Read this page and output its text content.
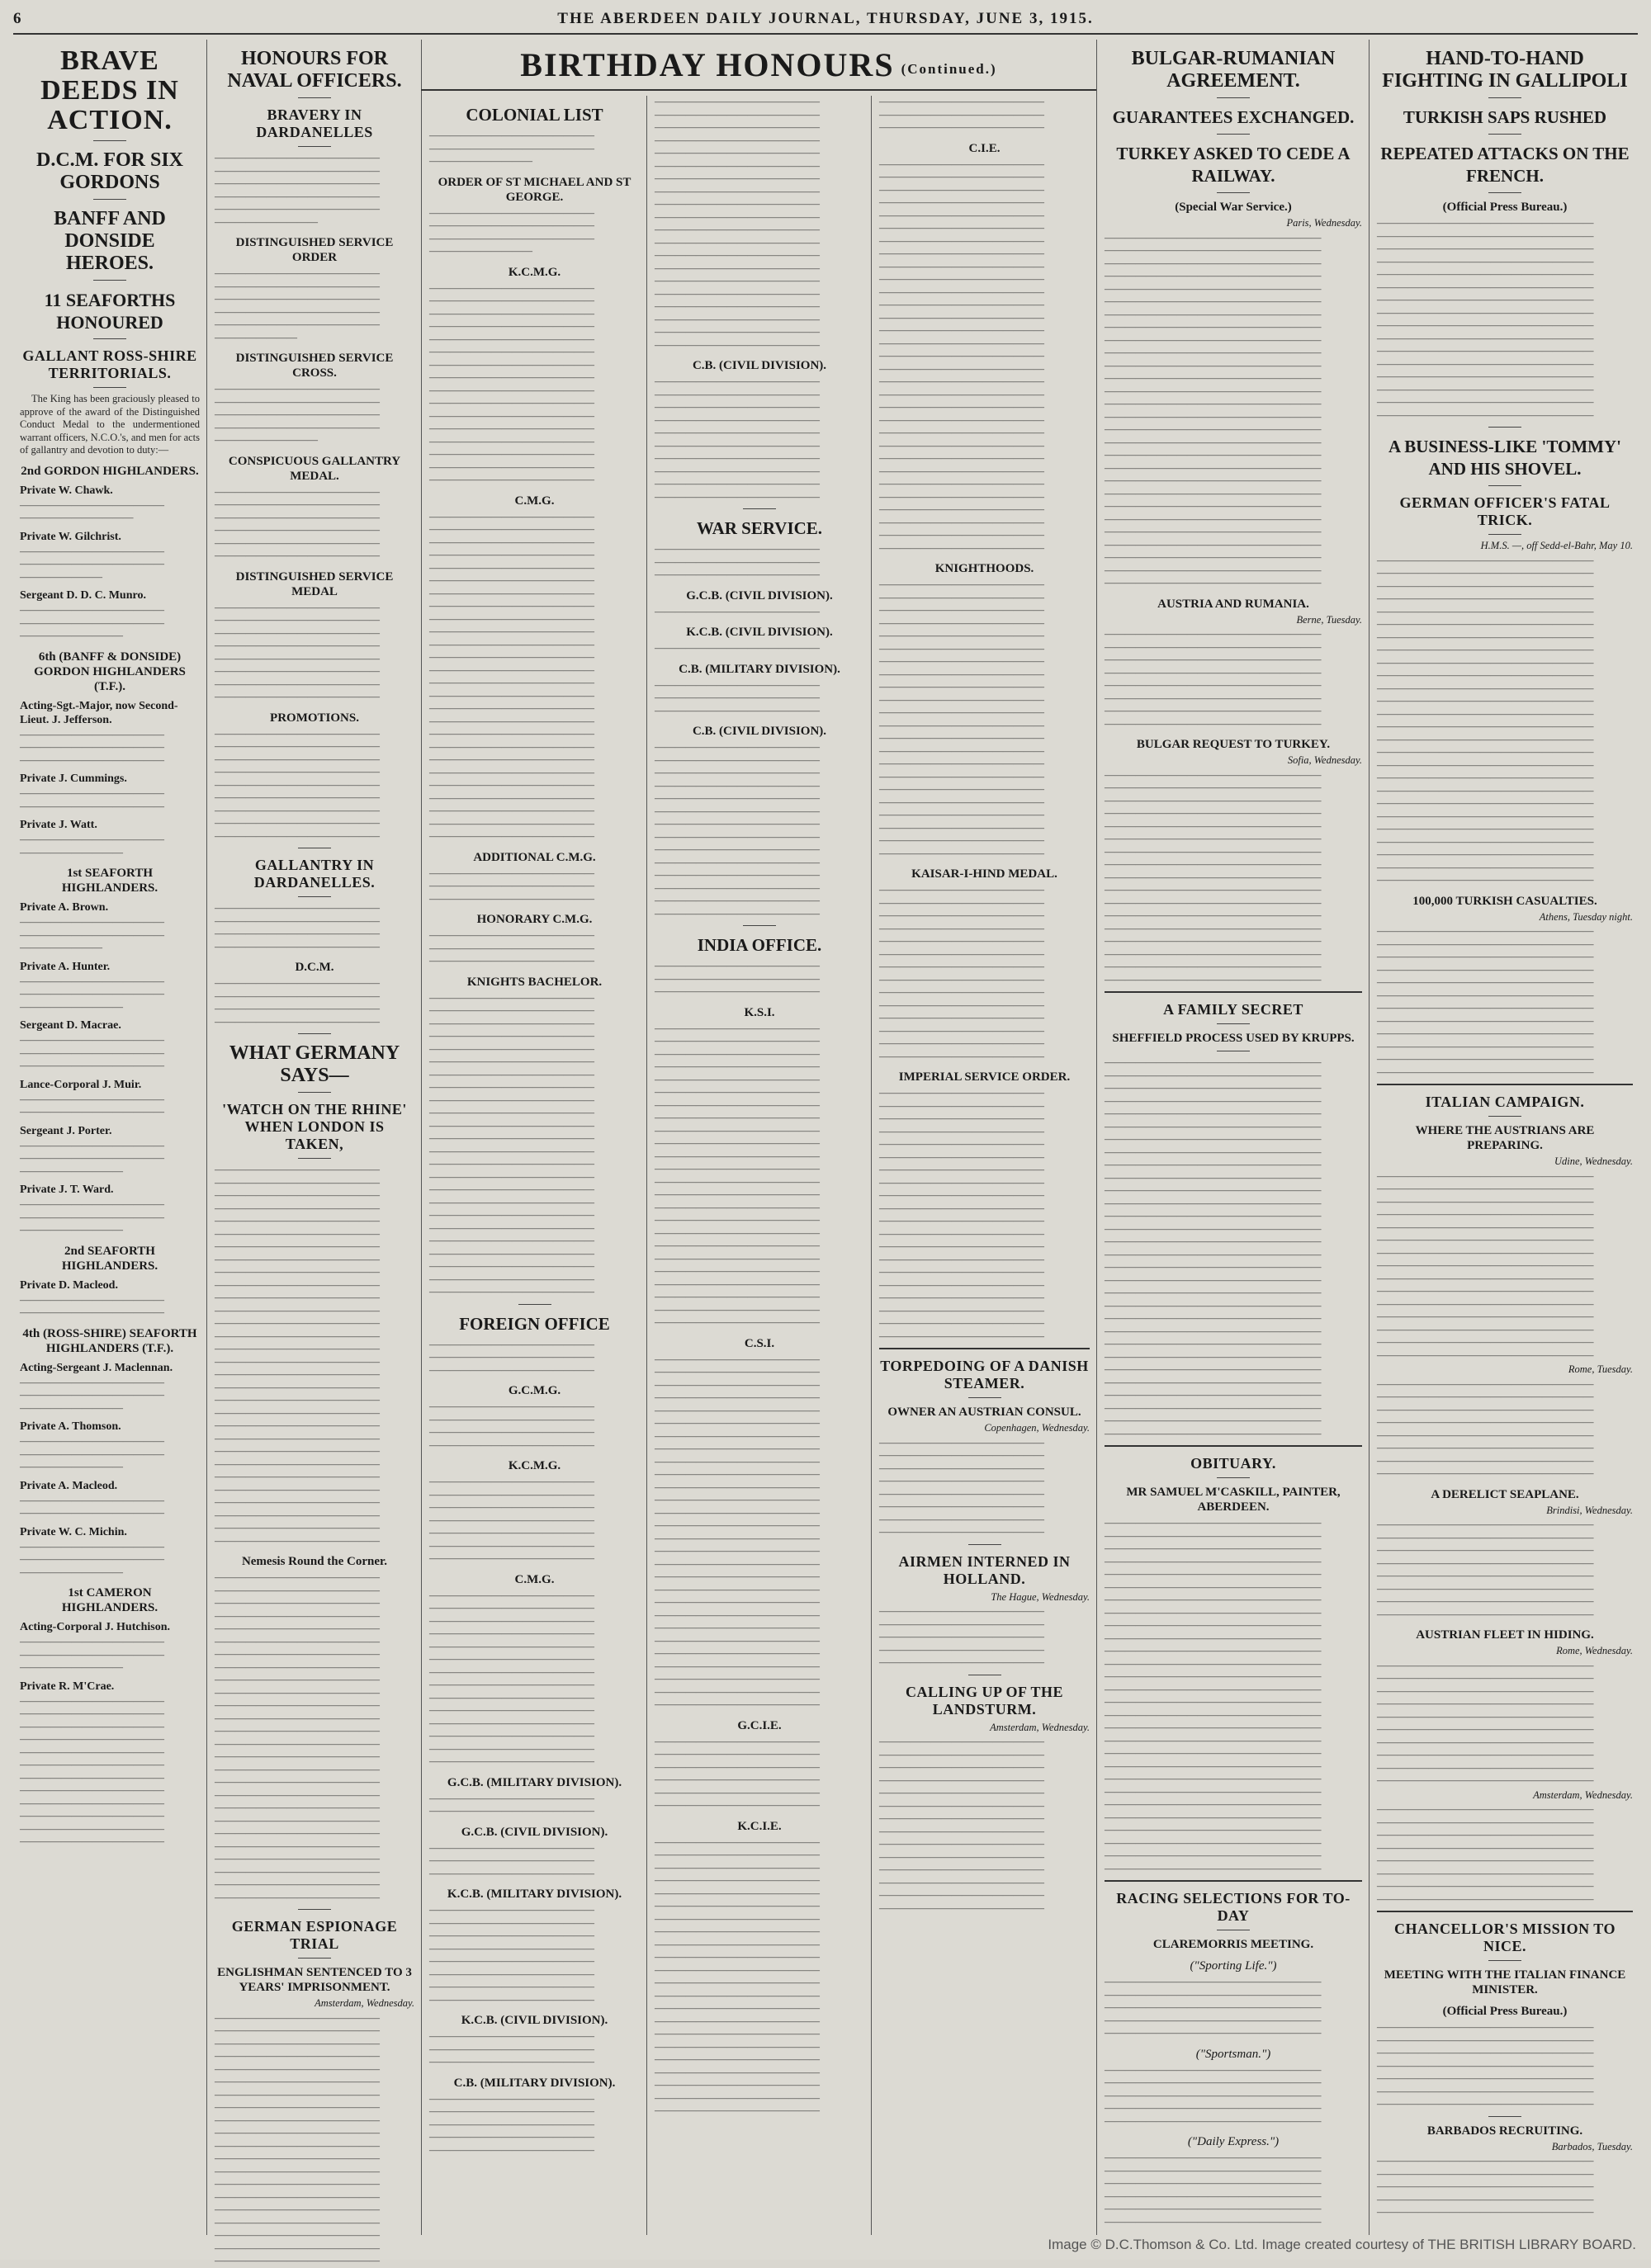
6	THE ABERDEEN DAILY JOURNAL, THURSDAY, JUNE 3, 1915.
BRAVE DEEDS IN ACTION.
D.C.M. FOR SIX GORDONS
BANFF AND DONSIDE HEROES.
11 SEAFORTHS HONOURED
GALLANT ROSS-SHIRE TERRITORIALS.

The King has been graciously pleased to approve of the award of the Distinguished Conduct Medal to the undermentioned warrant officers, N.C.O.'s, and men for acts of gallantry and devotion to duty:—

2nd GORDON HIGHLANDERS.
Private W. Chawk.

——————————————

———————————

Private W. Gilchrist.

——————————————

——————————————

————————

Sergeant D. D. C. Munro.

——————————————

——————————————

——————————

6th (BANFF & DONSIDE) GORDON HIGHLANDERS (T.F.).
Acting-Sgt.-Major, now Second-Lieut. J. Jefferson.

——————————————

——————————————

——————————————

Private J. Cummings.

——————————————

——————————————

Private J. Watt.

——————————————

——————————

1st SEAFORTH HIGHLANDERS.
Private A. Brown.

——————————————

——————————————

————————

Private A. Hunter.

——————————————

——————————————

——————————

Sergeant D. Macrae.

——————————————

——————————————

——————————————

Lance-Corporal J. Muir.

——————————————

——————————————

Sergeant J. Porter.

——————————————

——————————————

——————————

Private J. T. Ward.

——————————————

——————————————

——————————

2nd SEAFORTH HIGHLANDERS.
Private D. Macleod.

——————————————

——————————————

4th (ROSS-SHIRE) SEAFORTH HIGHLANDERS (T.F.).
Acting-Sergeant J. Maclennan.

——————————————

——————————————

——————————

Private A. Thomson.

——————————————

——————————————

——————————

Private A. Macleod.

——————————————

——————————————

Private W. C. Michin.

——————————————

——————————————

——————————

1st CAMERON HIGHLANDERS.
Acting-Corporal J. Hutchison.

——————————————

——————————————

——————————

Private R. M'Crae.

——————————————

——————————————

——————————————

——————————————

——————————————

——————————————

——————————————

——————————————

——————————————

——————————————

——————————————

——————————————

HONOURS FOR NAVAL OFFICERS.
BRAVERY IN DARDANELLES

————————————————

————————————————

————————————————

————————————————

————————————————

——————————

DISTINGUISHED SERVICE ORDER

————————————————

————————————————

————————————————

————————————————

————————————————

————————

DISTINGUISHED SERVICE CROSS.

————————————————

————————————————

————————————————

————————————————

——————————

CONSPICUOUS GALLANTRY MEDAL.

————————————————

————————————————

————————————————

————————————————

————————————————

————————————————

DISTINGUISHED SERVICE MEDAL

————————————————

————————————————

————————————————

————————————————

————————————————

————————————————

————————————————

————————————————

PROMOTIONS.

————————————————

————————————————

————————————————

————————————————

————————————————

————————————————

————————————————

————————————————

————————————————

GALLANTRY IN DARDANELLES.

————————————————

————————————————

————————————————

————————————————

D.C.M.

————————————————

————————————————

————————————————

————————————————

WHAT GERMANY SAYS—
'WATCH ON THE RHINE' WHEN LONDON IS TAKEN,

————————————————

————————————————

————————————————

————————————————

————————————————

————————————————

————————————————

————————————————

————————————————

————————————————

————————————————

————————————————

————————————————

————————————————

————————————————

————————————————

————————————————

————————————————

————————————————

————————————————

————————————————

————————————————

————————————————

————————————————

————————————————

————————————————

————————————————

————————————————

————————————————

————————————————

Nemesis Round the Corner.

————————————————

————————————————

————————————————

————————————————

————————————————

————————————————

————————————————

————————————————

————————————————

————————————————

————————————————

————————————————

————————————————

————————————————

————————————————

————————————————

————————————————

————————————————

————————————————

————————————————

————————————————

————————————————

————————————————

————————————————

————————————————

————————————————

GERMAN ESPIONAGE TRIAL
ENGLISHMAN SENTENCED TO 3 YEARS' IMPRISONMENT.
Amsterdam, Wednesday.

————————————————

————————————————

————————————————

————————————————

————————————————

————————————————

————————————————

————————————————

————————————————

————————————————

————————————————

————————————————

————————————————

————————————————

————————————————

————————————————

————————————————

————————————————

————————————————

————————————————

BIRTHDAY HONOURS (Continued.)
COLONIAL LIST

————————————————

————————————————

——————————

ORDER OF ST MICHAEL AND ST GEORGE.

————————————————

————————————————

————————————————

——————————

K.C.M.G.

————————————————

————————————————

————————————————

————————————————

————————————————

————————————————

————————————————

————————————————

————————————————

————————————————

————————————————

————————————————

————————————————

————————————————

————————————————

————————————————

C.M.G.

————————————————

————————————————

————————————————

————————————————

————————————————

————————————————

————————————————

————————————————

————————————————

————————————————

————————————————

————————————————

————————————————

————————————————

————————————————

————————————————

————————————————

————————————————

————————————————

————————————————

————————————————

————————————————

————————————————

————————————————

————————————————

————————————————

ADDITIONAL C.M.G.

————————————————

————————————————

————————————————

HONORARY C.M.G.

————————————————

————————————————

————————————————

KNIGHTS BACHELOR.

————————————————

————————————————

————————————————

————————————————

————————————————

————————————————

————————————————

————————————————

————————————————

————————————————

————————————————

————————————————

————————————————

————————————————

————————————————

————————————————

————————————————

————————————————

————————————————

————————————————

————————————————

————————————————

————————————————

————————————————

FOREIGN OFFICE

————————————————

————————————————

————————————————

G.C.M.G.

————————————————

————————————————

————————————————

————————————————

K.C.M.G.

————————————————

————————————————

————————————————

————————————————

————————————————

————————————————

————————————————

C.M.G.

————————————————

————————————————

————————————————

————————————————

————————————————

————————————————

————————————————

————————————————

————————————————

————————————————

————————————————

————————————————

————————————————

————————————————

G.C.B. (MILITARY DIVISION).

————————————————

————————————————

G.C.B. (CIVIL DIVISION).

————————————————

————————————————

————————————————

K.C.B. (MILITARY DIVISION).

————————————————

————————————————

————————————————

————————————————

————————————————

————————————————

————————————————

————————————————

K.C.B. (CIVIL DIVISION).

————————————————

————————————————

————————————————

C.B. (MILITARY DIVISION).

————————————————

————————————————

————————————————

————————————————

————————————————

————————————————

————————————————

————————————————

————————————————

————————————————

————————————————

————————————————

————————————————

————————————————

————————————————

————————————————

————————————————

————————————————

————————————————

————————————————

————————————————

————————————————

————————————————

————————————————

————————————————

C.B. (CIVIL DIVISION).

————————————————

————————————————

————————————————

————————————————

————————————————

————————————————

————————————————

————————————————

————————————————

————————————————

WAR SERVICE.

————————————————

————————————————

————————————————

G.C.B. (CIVIL DIVISION).

————————————————

K.C.B. (CIVIL DIVISION).

————————————————

C.B. (MILITARY DIVISION).

————————————————

————————————————

————————————————

C.B. (CIVIL DIVISION).

————————————————

————————————————

————————————————

————————————————

————————————————

————————————————

————————————————

————————————————

————————————————

————————————————

————————————————

————————————————

————————————————

————————————————

INDIA OFFICE.

————————————————

————————————————

————————————————

K.S.I.

————————————————

————————————————

————————————————

————————————————

————————————————

————————————————

————————————————

————————————————

————————————————

————————————————

————————————————

————————————————

————————————————

————————————————

————————————————

————————————————

————————————————

————————————————

————————————————

————————————————

————————————————

————————————————

————————————————

————————————————

C.S.I.

————————————————

————————————————

————————————————

————————————————

————————————————

————————————————

————————————————

————————————————

————————————————

————————————————

————————————————

————————————————

————————————————

————————————————

————————————————

————————————————

————————————————

————————————————

————————————————

————————————————

————————————————

————————————————

————————————————

————————————————

————————————————

————————————————

————————————————

————————————————

G.C.I.E.

————————————————

————————————————

————————————————

————————————————

————————————————

————————————————

K.C.I.E.

————————————————

————————————————

————————————————

————————————————

————————————————

————————————————

————————————————

————————————————

————————————————

————————————————

————————————————

————————————————

————————————————

————————————————

————————————————

————————————————

————————————————

————————————————

————————————————

————————————————

————————————————

————————————————

————————————————

————————————————

————————————————

C.I.E.

————————————————

————————————————

————————————————

————————————————

————————————————

————————————————

————————————————

————————————————

————————————————

————————————————

————————————————

————————————————

————————————————

————————————————

————————————————

————————————————

————————————————

————————————————

————————————————

————————————————

————————————————

————————————————

————————————————

————————————————

————————————————

————————————————

————————————————

————————————————

————————————————

————————————————

————————————————

KNIGHTHOODS.

————————————————

————————————————

————————————————

————————————————

————————————————

————————————————

————————————————

————————————————

————————————————

————————————————

————————————————

————————————————

————————————————

————————————————

————————————————

————————————————

————————————————

————————————————

————————————————

————————————————

————————————————

————————————————

KAISAR-I-HIND MEDAL.

————————————————

————————————————

————————————————

————————————————

————————————————

————————————————

————————————————

————————————————

————————————————

————————————————

————————————————

————————————————

————————————————

————————————————

IMPERIAL SERVICE ORDER.

————————————————

————————————————

————————————————

————————————————

————————————————

————————————————

————————————————

————————————————

————————————————

————————————————

————————————————

————————————————

————————————————

————————————————

————————————————

————————————————

————————————————

————————————————

————————————————

————————————————

TORPEDOING OF A DANISH STEAMER.
OWNER AN AUSTRIAN CONSUL.
Copenhagen, Wednesday.

————————————————

————————————————

————————————————

————————————————

————————————————

————————————————

————————————————

————————————————

AIRMEN INTERNED IN HOLLAND.
The Hague, Wednesday.

————————————————

————————————————

————————————————

————————————————

————————————————

CALLING UP OF THE LANDSTURM.
Amsterdam, Wednesday.

————————————————

————————————————

————————————————

————————————————

————————————————

————————————————

————————————————

————————————————

————————————————

————————————————

————————————————

————————————————

————————————————

————————————————

BULGAR-RUMANIAN AGREEMENT.
GUARANTEES EXCHANGED.
TURKEY ASKED TO CEDE A RAILWAY.
(Special War Service.)
Paris, Wednesday.

—————————————————————

—————————————————————

—————————————————————

—————————————————————

—————————————————————

—————————————————————

—————————————————————

—————————————————————

—————————————————————

—————————————————————

—————————————————————

—————————————————————

—————————————————————

—————————————————————

—————————————————————

—————————————————————

—————————————————————

—————————————————————

—————————————————————

—————————————————————

—————————————————————

—————————————————————

—————————————————————

—————————————————————

—————————————————————

—————————————————————

—————————————————————

—————————————————————

AUSTRIA AND RUMANIA.
Berne, Tuesday.

—————————————————————

—————————————————————

—————————————————————

—————————————————————

—————————————————————

—————————————————————

—————————————————————

—————————————————————

BULGAR REQUEST TO TURKEY.
Sofia, Wednesday.

—————————————————————

—————————————————————

—————————————————————

—————————————————————

—————————————————————

—————————————————————

—————————————————————

—————————————————————

—————————————————————

—————————————————————

—————————————————————

—————————————————————

—————————————————————

—————————————————————

—————————————————————

—————————————————————

—————————————————————

A FAMILY SECRET
SHEFFIELD PROCESS USED BY KRUPPS.

—————————————————————

—————————————————————

—————————————————————

—————————————————————

—————————————————————

—————————————————————

—————————————————————

—————————————————————

—————————————————————

—————————————————————

—————————————————————

—————————————————————

—————————————————————

—————————————————————

—————————————————————

—————————————————————

—————————————————————

—————————————————————

—————————————————————

—————————————————————

—————————————————————

—————————————————————

—————————————————————

—————————————————————

—————————————————————

—————————————————————

—————————————————————

—————————————————————

—————————————————————

—————————————————————

OBITUARY.
MR SAMUEL M'CASKILL, PAINTER, ABERDEEN.

—————————————————————

—————————————————————

—————————————————————

—————————————————————

—————————————————————

—————————————————————

—————————————————————

—————————————————————

—————————————————————

—————————————————————

—————————————————————

—————————————————————

—————————————————————

—————————————————————

—————————————————————

—————————————————————

—————————————————————

—————————————————————

—————————————————————

—————————————————————

—————————————————————

—————————————————————

—————————————————————

—————————————————————

—————————————————————

—————————————————————

—————————————————————

—————————————————————

RACING SELECTIONS FOR TO-DAY
CLAREMORRIS MEETING.
("Sporting Life.")

—————————————————————

—————————————————————

—————————————————————

—————————————————————

—————————————————————

("Sportsman.")

—————————————————————

—————————————————————

—————————————————————

—————————————————————

—————————————————————

("Daily Express.")

—————————————————————

—————————————————————

—————————————————————

—————————————————————

—————————————————————

—————————————————————

HAND-TO-HAND FIGHTING IN GALLIPOLI
TURKISH SAPS RUSHED
REPEATED ATTACKS ON THE FRENCH.
(Official Press Bureau.)

—————————————————————

—————————————————————

—————————————————————

—————————————————————

—————————————————————

—————————————————————

—————————————————————

—————————————————————

—————————————————————

—————————————————————

—————————————————————

—————————————————————

—————————————————————

—————————————————————

—————————————————————

—————————————————————

A BUSINESS-LIKE 'TOMMY' AND HIS SHOVEL.
GERMAN OFFICER'S FATAL TRICK.
H.M.S. —, off Sedd-el-Bahr, May 10.

—————————————————————

—————————————————————

—————————————————————

—————————————————————

—————————————————————

—————————————————————

—————————————————————

—————————————————————

—————————————————————

—————————————————————

—————————————————————

—————————————————————

—————————————————————

—————————————————————

—————————————————————

—————————————————————

—————————————————————

—————————————————————

—————————————————————

—————————————————————

—————————————————————

—————————————————————

—————————————————————

—————————————————————

—————————————————————

—————————————————————

100,000 TURKISH CASUALTIES.
Athens, Tuesday night.

—————————————————————

—————————————————————

—————————————————————

—————————————————————

—————————————————————

—————————————————————

—————————————————————

—————————————————————

—————————————————————

—————————————————————

—————————————————————

—————————————————————

ITALIAN CAMPAIGN.
WHERE THE AUSTRIANS ARE PREPARING.
Udine, Wednesday.

—————————————————————

—————————————————————

—————————————————————

—————————————————————

—————————————————————

—————————————————————

—————————————————————

—————————————————————

—————————————————————

—————————————————————

—————————————————————

—————————————————————

—————————————————————

—————————————————————

—————————————————————

Rome, Tuesday.

—————————————————————

—————————————————————

—————————————————————

—————————————————————

—————————————————————

—————————————————————

—————————————————————

—————————————————————

A DERELICT SEAPLANE.
Brindisi, Wednesday.

—————————————————————

—————————————————————

—————————————————————

—————————————————————

—————————————————————

—————————————————————

—————————————————————

—————————————————————

AUSTRIAN FLEET IN HIDING.
Rome, Wednesday.

—————————————————————

—————————————————————

—————————————————————

—————————————————————

—————————————————————

—————————————————————

—————————————————————

—————————————————————

—————————————————————

—————————————————————

Amsterdam, Wednesday.

—————————————————————

—————————————————————

—————————————————————

—————————————————————

—————————————————————

—————————————————————

—————————————————————

—————————————————————

CHANCELLOR'S MISSION TO NICE.
MEETING WITH THE ITALIAN FINANCE MINISTER.
(Official Press Bureau.)

—————————————————————

—————————————————————

—————————————————————

—————————————————————

—————————————————————

—————————————————————

—————————————————————

BARBADOS RECRUITING.
Barbados, Tuesday.

—————————————————————

—————————————————————

—————————————————————

—————————————————————

—————————————————————

Image © D.C.Thomson & Co. Ltd. Image created courtesy of THE BRITISH LIBRARY BOARD.
